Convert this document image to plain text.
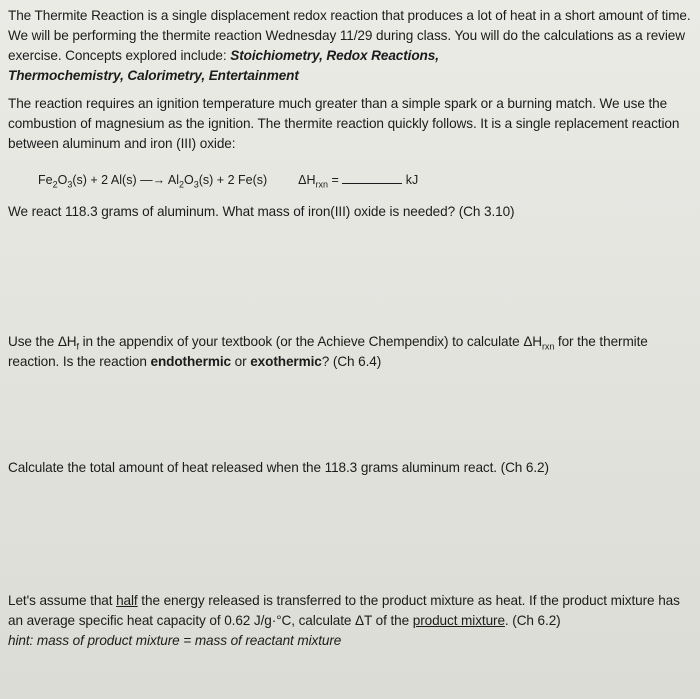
The Thermite Reaction is a single displacement redox reaction that produces a lot of heat in a short amount of time. We will be performing the thermite reaction Wednesday 11/29 during class. You will do the calculations as a review exercise. Concepts explored include: Stoichiometry, Redox Reactions,
Thermochemistry, Calorimetry, Entertainment
The reaction requires an ignition temperature much greater than a simple spark or a burning match. We use the combustion of magnesium as the ignition. The thermite reaction quickly follows. It is a single replacement reaction between aluminum and iron (III) oxide:
$Fe_2O_3(s) + 2$ Al(s) —→ $Al_2O_3(s) + 2$ Fe(s) $\Delta H_{rxn}$ =	kJ
We react 118.3 grams of aluminum. What mass of iron(III) oxide is needed? (Ch 3.10)
Use the $\Delta H_f$ in the appendix of your textbook (or the Achieve Chempendix) to calculate $\Delta H_{rxn}$ for the thermite reaction. Is the reaction endothermic or exothermic? (Ch 6.4)
Calculate the total amount of heat released when the 118.3 grams aluminum react. (Ch 6.2)
Let's assume that half the energy released is transferred to the product mixture as heat. If the product mixture has an average specific heat capacity of 0.62 J/g·°C, calculate ΔT of the product mixture. (Ch 6.2)
hint: mass of product mixture = mass of reactant mixture
